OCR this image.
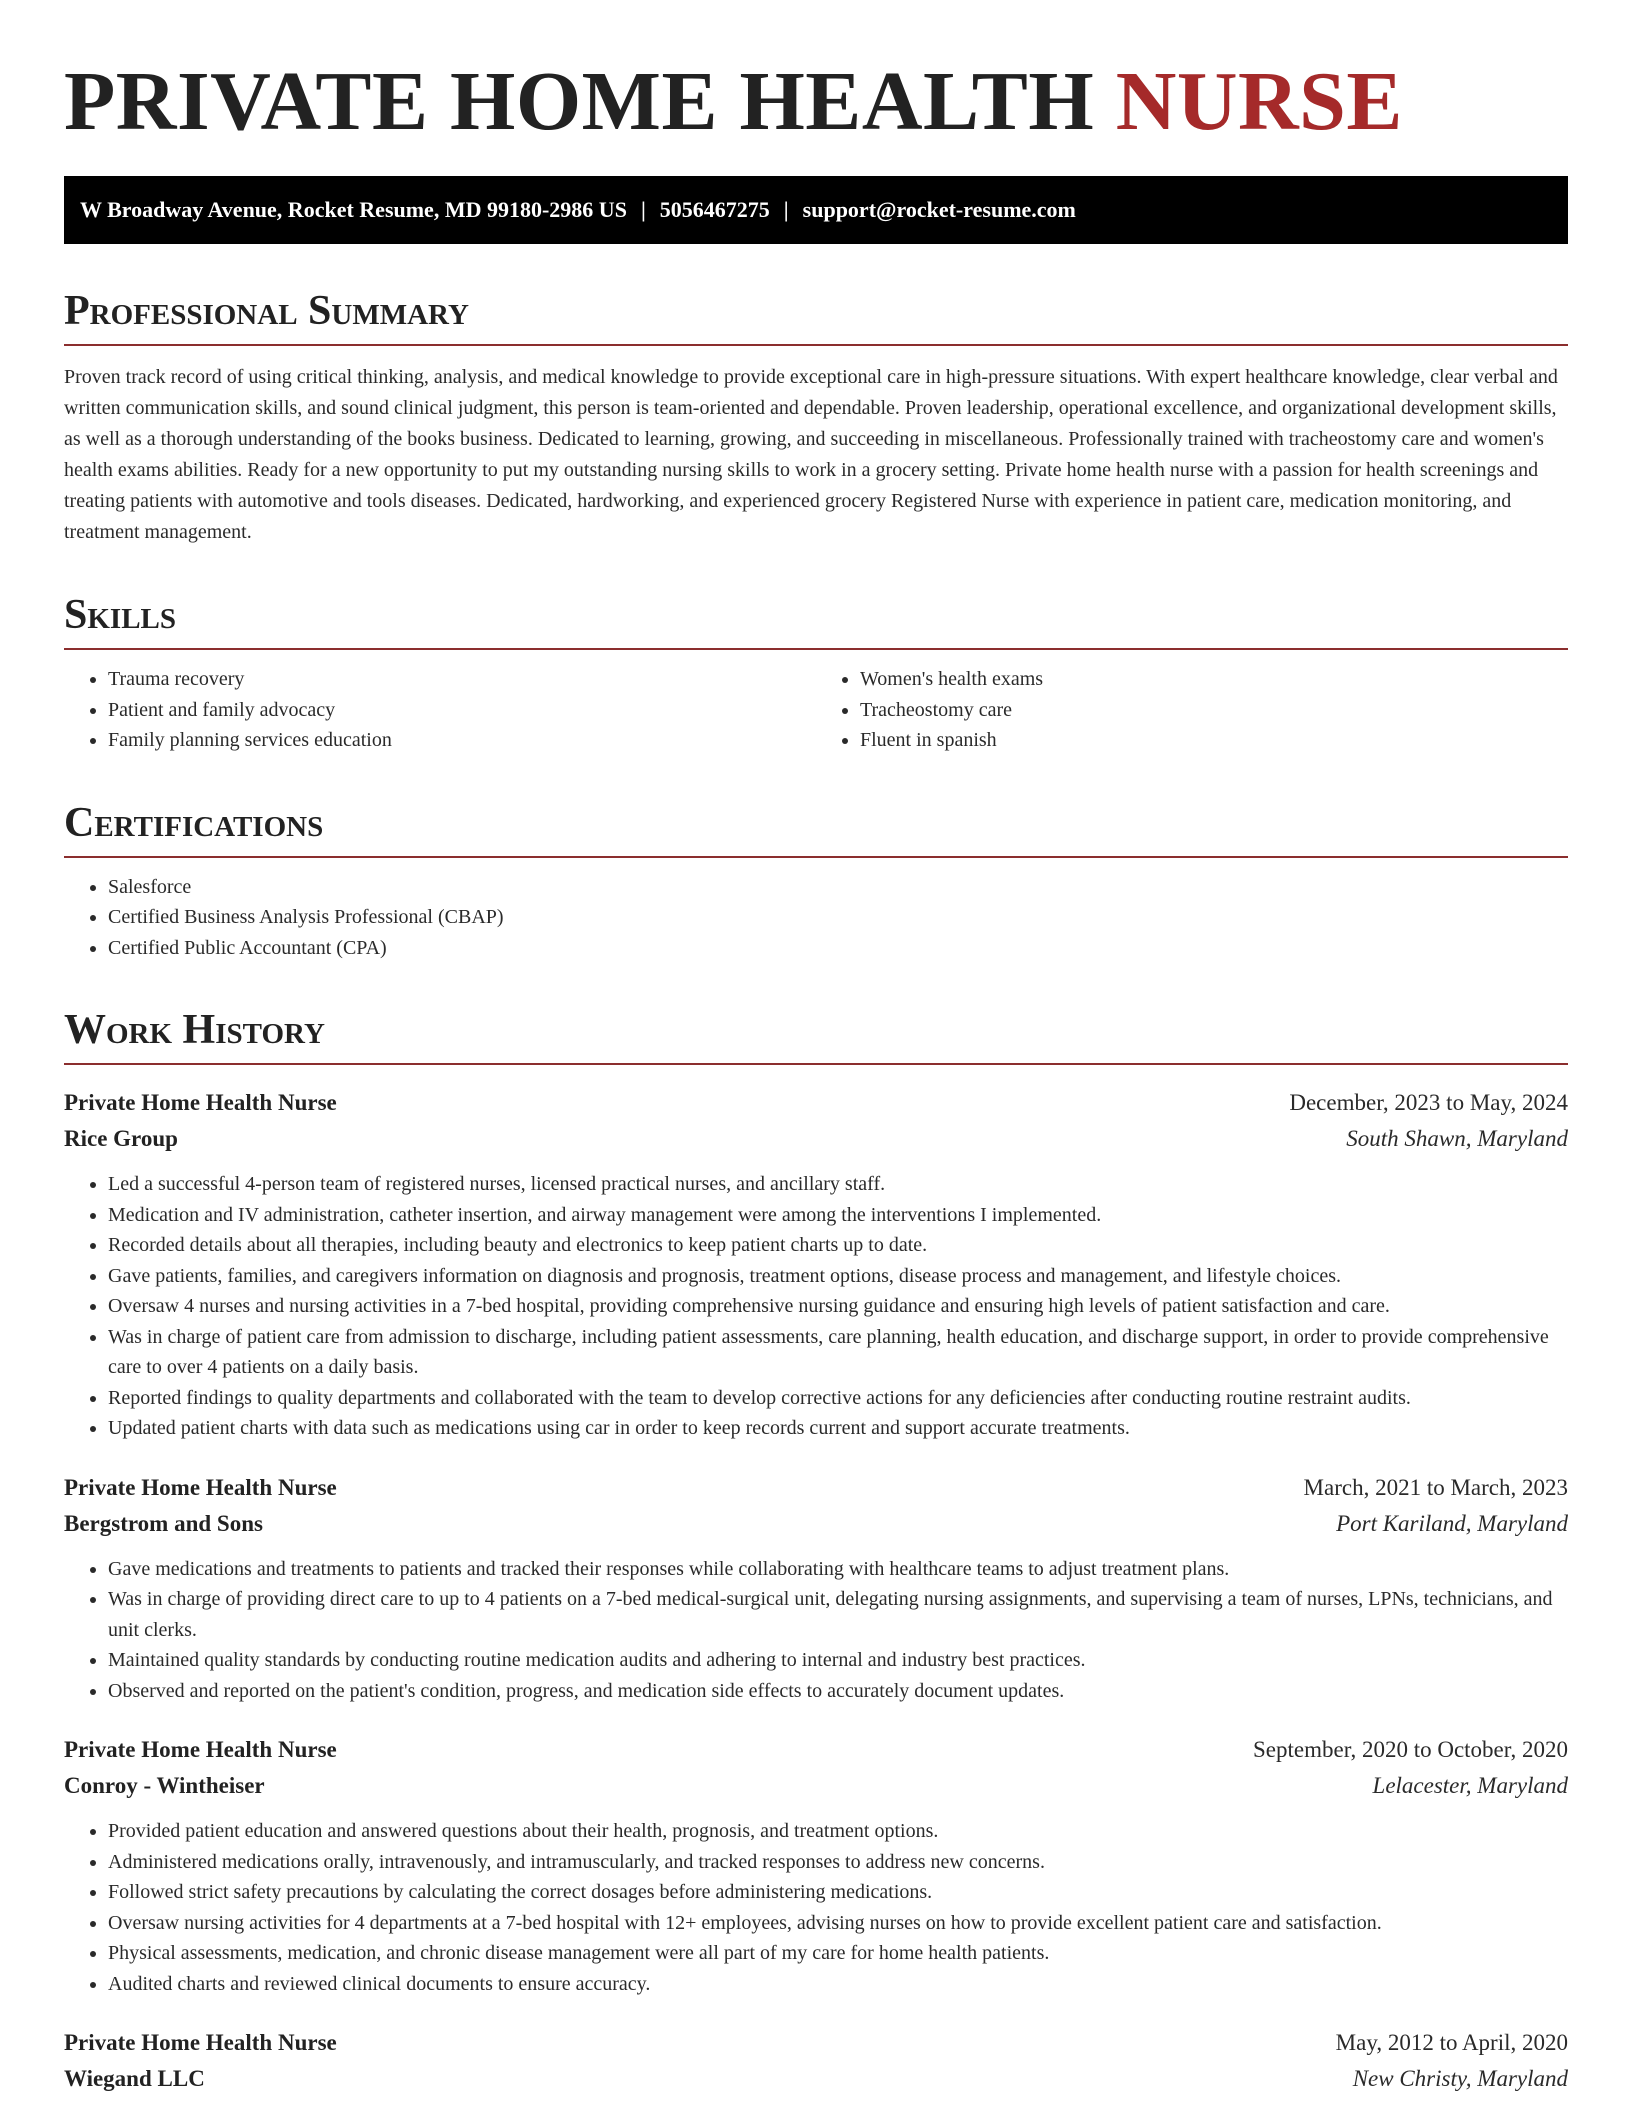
PRIVATE HOME HEALTH NURSE
W Broadway Avenue, Rocket Resume, MD 99180-2986 US | 5056467275 | support@rocket-resume.com
Professional Summary

Proven track record of using critical thinking, analysis, and medical knowledge to provide exceptional care in high-pressure situations. With expert healthcare knowledge, clear verbal and written communication skills, and sound clinical judgment, this person is team-oriented and dependable. Proven leadership, operational excellence, and organizational development skills, as well as a thorough understanding of the books business. Dedicated to learning, growing, and succeeding in miscellaneous. Professionally trained with tracheostomy care and women's health exams abilities. Ready for a new opportunity to put my outstanding nursing skills to work in a grocery setting. Private home health nurse with a passion for health screenings and treating patients with automotive and tools diseases. Dedicated, hardworking, and experienced grocery Registered Nurse with experience in patient care, medication monitoring, and treatment management.

Skills
• Trauma recovery
• Patient and family advocacy
• Family planning services education
• Women's health exams
• Tracheostomy care
• Fluent in spanish
Certifications
• Salesforce
• Certified Business Analysis Professional (CBAP)
• Certified Public Accountant (CPA)
Work History
Private Home Health Nurse	December, 2023 to May, 2024
Rice Group	South Shawn, Maryland
• Led a successful 4-person team of registered nurses, licensed practical nurses, and ancillary staff.
• Medication and IV administration, catheter insertion, and airway management were among the interventions I implemented.
• Recorded details about all therapies, including beauty and electronics to keep patient charts up to date.
• Gave patients, families, and caregivers information on diagnosis and prognosis, treatment options, disease process and management, and lifestyle choices.
• Oversaw 4 nurses and nursing activities in a 7-bed hospital, providing comprehensive nursing guidance and ensuring high levels of patient satisfaction and care.
• Was in charge of patient care from admission to discharge, including patient assessments, care planning, health education, and discharge support, in order to provide comprehensive care to over 4 patients on a daily basis.
• Reported findings to quality departments and collaborated with the team to develop corrective actions for any deficiencies after conducting routine restraint audits.
• Updated patient charts with data such as medications using car in order to keep records current and support accurate treatments.
Private Home Health Nurse	March, 2021 to March, 2023
Bergstrom and Sons	Port Kariland, Maryland
• Gave medications and treatments to patients and tracked their responses while collaborating with healthcare teams to adjust treatment plans.
• Was in charge of providing direct care to up to 4 patients on a 7-bed medical-surgical unit, delegating nursing assignments, and supervising a team of nurses, LPNs, technicians, and unit clerks.
• Maintained quality standards by conducting routine medication audits and adhering to internal and industry best practices.
• Observed and reported on the patient's condition, progress, and medication side effects to accurately document updates.
Private Home Health Nurse	September, 2020 to October, 2020
Conroy - Wintheiser	Lelacester, Maryland
• Provided patient education and answered questions about their health, prognosis, and treatment options.
• Administered medications orally, intravenously, and intramuscularly, and tracked responses to address new concerns.
• Followed strict safety precautions by calculating the correct dosages before administering medications.
• Oversaw nursing activities for 4 departments at a 7-bed hospital with 12+ employees, advising nurses on how to provide excellent patient care and satisfaction.
• Physical assessments, medication, and chronic disease management were all part of my care for home health patients.
• Audited charts and reviewed clinical documents to ensure accuracy.
Private Home Health Nurse	May, 2012 to April, 2020
Wiegand LLC	New Christy, Maryland
